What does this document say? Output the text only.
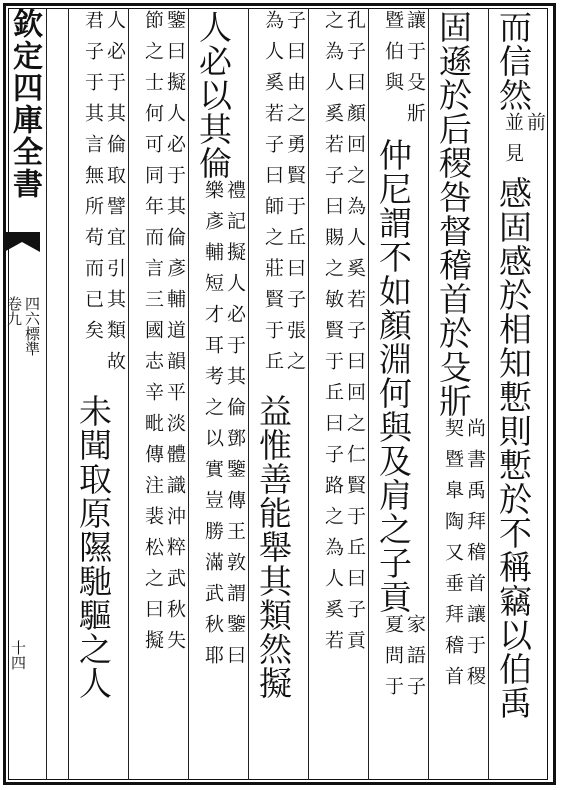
欽定四庫全書
四六標準
卷九
十四
而信然
前
並見
感固感於相知慙則慙於不稱竊以伯禹
固遜於后稷咎督稽首於殳斨
尚書禹拜稽首讓于稷
契暨臯陶又垂拜稽首
讓于殳斨
暨伯與
仲尼謂不如顏淵何與及肩之子貢
家語子
夏問于
孔子曰顏回之為人奚若子曰回之仁賢于丘曰子貢
之為人奚若子曰賜之敏賢于丘曰子路之為人奚若
子曰由之勇賢于丘曰子張之
為人奚若子曰師之莊賢于丘
益惟善能舉其類然擬
人必以其倫
禮記擬人必于其倫鄧鑒傳王敦謂鑒曰
樂彥輔短才耳考之以實豈勝滿武秋耶
鑒曰擬人必于其倫彥輔道韻平淡體識沖粹武秋失
節之士何可同年而言三國志辛毗傳注裴松之曰擬
人必于其倫取譬宜引其類故
君子于其言無所苟而已矣
未聞取原隰馳驅之人
